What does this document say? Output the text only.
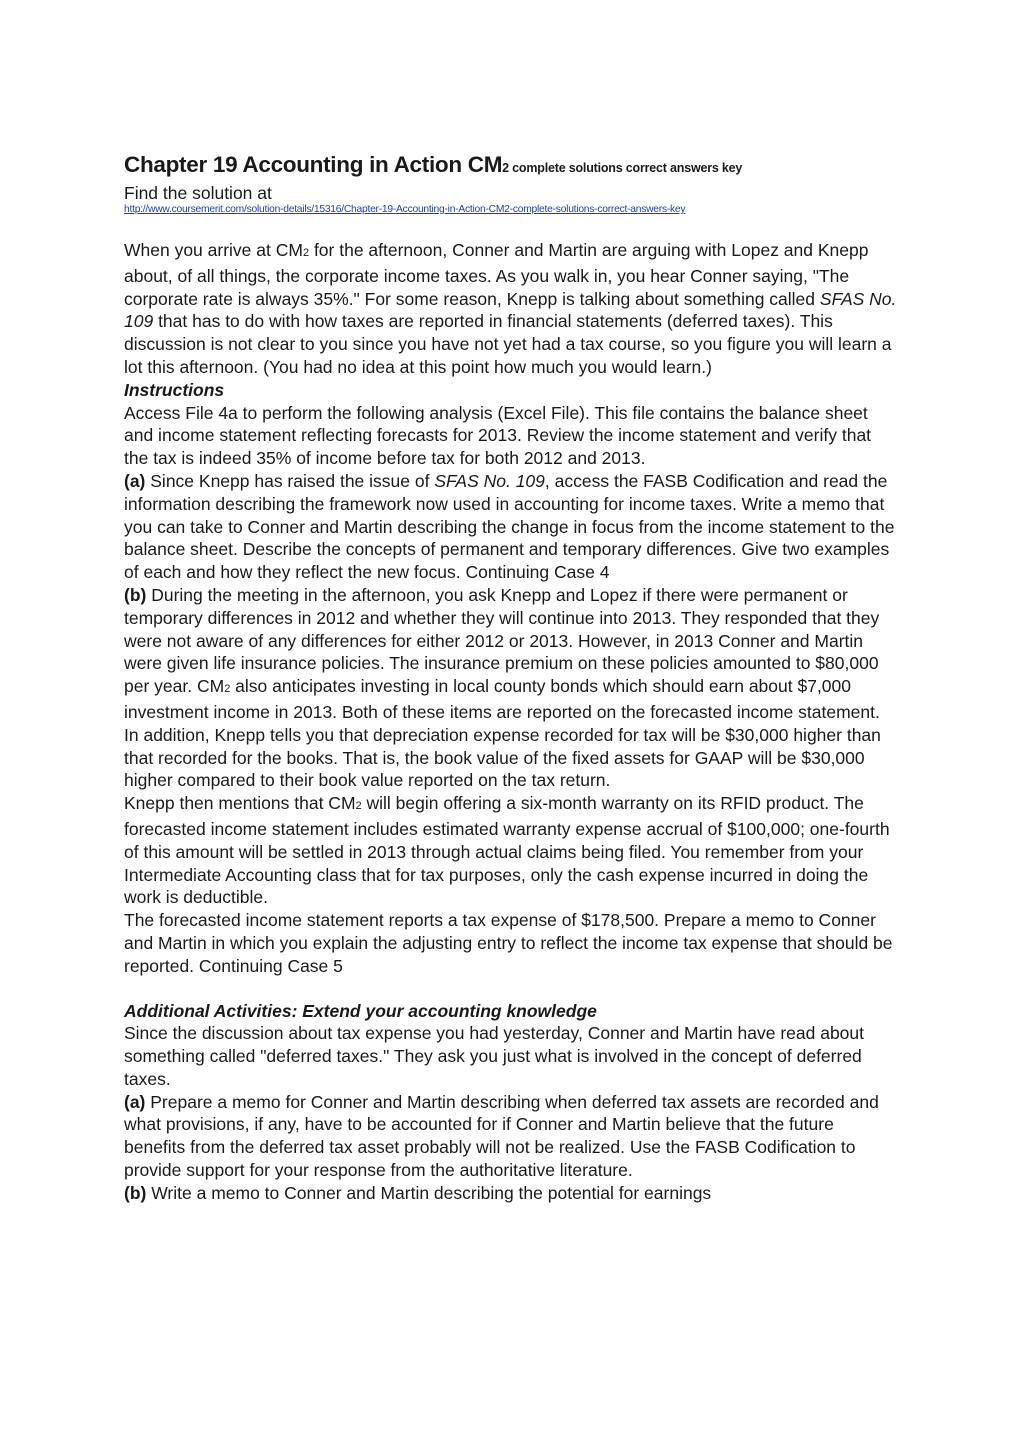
Chapter 19 Accounting in Action CM2 complete solutions correct answers key

Find the solution at

http://www.coursemerit.com/solution-details/15316/Chapter-19-Accounting-in-Action-CM2-complete-solutions-correct-answers-key

When you arrive at CM2 for the afternoon, Conner and Martin are arguing with Lopez and Knepp about, of all things, the corporate income taxes. As you walk in, you hear Conner saying, "The corporate rate is always 35%." For some reason, Knepp is talking about something called SFAS No. 109 that has to do with how taxes are reported in financial statements (deferred taxes). This discussion is not clear to you since you have not yet had a tax course, so you figure you will learn a lot this afternoon. (You had no idea at this point how much you would learn.)

Instructions

Access File 4a to perform the following analysis (Excel File). This file contains the balance sheet and income statement reflecting forecasts for 2013. Review the income statement and verify that the tax is indeed 35% of income before tax for both 2012 and 2013.

(a) Since Knepp has raised the issue of SFAS No. 109, access the FASB Codification and read the information describing the framework now used in accounting for income taxes. Write a memo that you can take to Conner and Martin describing the change in focus from the income statement to the balance sheet. Describe the concepts of permanent and temporary differences. Give two examples of each and how they reflect the new focus. Continuing Case 4

(b) During the meeting in the afternoon, you ask Knepp and Lopez if there were permanent or temporary differences in 2012 and whether they will continue into 2013. They responded that they were not aware of any differences for either 2012 or 2013. However, in 2013 Conner and Martin were given life insurance policies. The insurance premium on these policies amounted to $80,000 per year. CM2 also anticipates investing in local county bonds which should earn about $7,000 investment income in 2013. Both of these items are reported on the forecasted income statement. In addition, Knepp tells you that depreciation expense recorded for tax will be $30,000 higher than that recorded for the books. That is, the book value of the fixed assets for GAAP will be $30,000 higher compared to their book value reported on the tax return.

Knepp then mentions that CM2 will begin offering a six-month warranty on its RFID product. The forecasted income statement includes estimated warranty expense accrual of $100,000; one-fourth of this amount will be settled in 2013 through actual claims being filed. You remember from your Intermediate Accounting class that for tax purposes, only the cash expense incurred in doing the work is deductible.

The forecasted income statement reports a tax expense of $178,500. Prepare a memo to Conner and Martin in which you explain the adjusting entry to reflect the income tax expense that should be reported. Continuing Case 5

Additional Activities: Extend your accounting knowledge

Since the discussion about tax expense you had yesterday, Conner and Martin have read about something called "deferred taxes." They ask you just what is involved in the concept of deferred taxes.

(a) Prepare a memo for Conner and Martin describing when deferred tax assets are recorded and what provisions, if any, have to be accounted for if Conner and Martin believe that the future benefits from the deferred tax asset probably will not be realized. Use the FASB Codification to provide support for your response from the authoritative literature.

(b) Write a memo to Conner and Martin describing the potential for earnings
